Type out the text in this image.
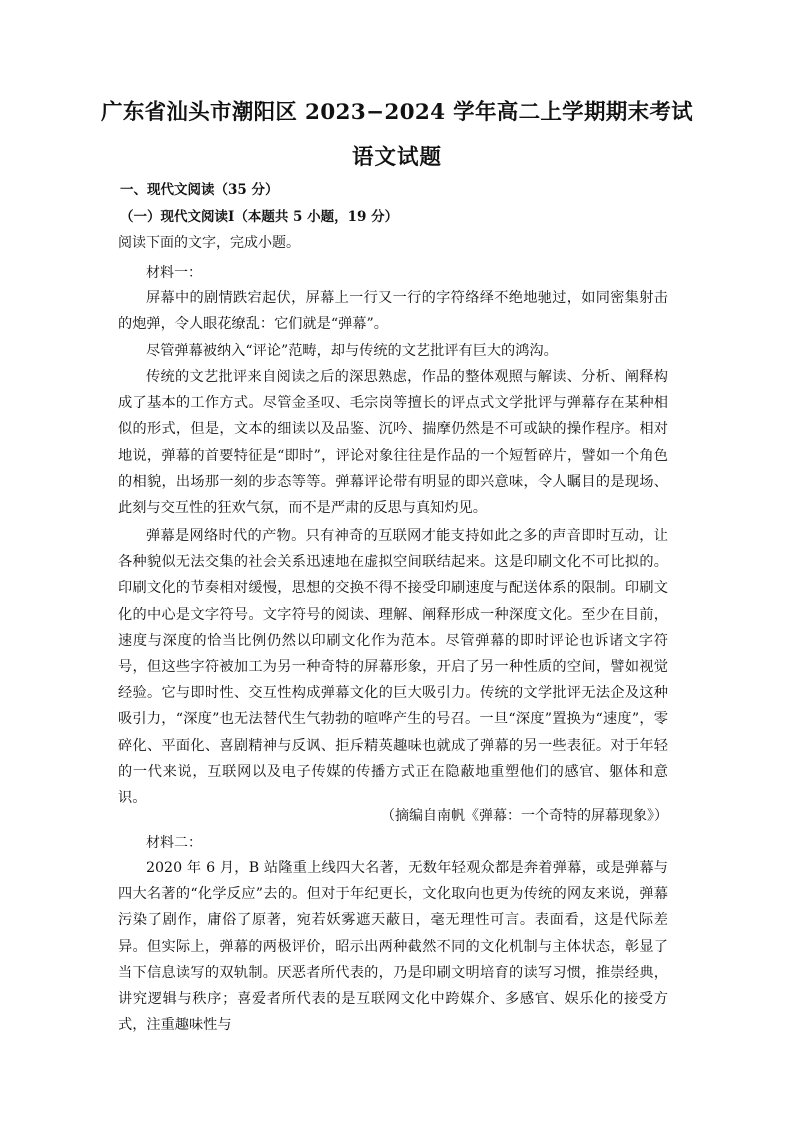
广东省汕头市潮阳区 2023−2024 学年高二上学期期末考试
语文试题
一、现代文阅读（35 分）
（一）现代文阅读Ⅰ（本题共 5 小题，19 分）
阅读下面的文字，完成小题。
材料一：

屏幕中的剧情跌宕起伏，屏幕上一行又一行的字符络绎不绝地驰过，如同密集射击的炮弹，令人眼花缭乱：它们就是“弹幕”。

尽管弹幕被纳入“评论”范畴，却与传统的文艺批评有巨大的鸿沟。

传统的文艺批评来自阅读之后的深思熟虑，作品的整体观照与解读、分析、阐释构成了基本的工作方式。尽管金圣叹、毛宗岗等擅长的评点式文学批评与弹幕存在某种相似的形式，但是，文本的细读以及品鉴、沉吟、揣摩仍然是不可或缺的操作程序。相对地说，弹幕的首要特征是“即时”，评论对象往往是作品的一个短暂碎片，譬如一个角色的相貌，出场那一刻的步态等等。弹幕评论带有明显的即兴意味，令人瞩目的是现场、此刻与交互性的狂欢气氛，而不是严肃的反思与真知灼见。

弹幕是网络时代的产物。只有神奇的互联网才能支持如此之多的声音即时互动，让各种貌似无法交集的社会关系迅速地在虚拟空间联结起来。这是印刷文化不可比拟的。印刷文化的节奏相对缓慢，思想的交换不得不接受印刷速度与配送体系的限制。印刷文化的中心是文字符号。文字符号的阅读、理解、阐释形成一种深度文化。至少在目前，速度与深度的恰当比例仍然以印刷文化作为范本。尽管弹幕的即时评论也诉诸文字符号，但这些字符被加工为另一种奇特的屏幕形象，开启了另一种性质的空间，譬如视觉经验。它与即时性、交互性构成弹幕文化的巨大吸引力。传统的文学批评无法企及这种吸引力，“深度”也无法替代生气勃勃的喧哗产生的号召。一旦“深度”置换为“速度”，零碎化、平面化、喜剧精神与反讽、拒斥精英趣味也就成了弹幕的另一些表征。对于年轻的一代来说，互联网以及电子传媒的传播方式正在隐蔽地重塑他们的感官、躯体和意识。

（摘编自南帆《弹幕：一个奇特的屏幕现象》）
材料二：

2020 年 6 月，B 站隆重上线四大名著，无数年轻观众都是奔着弹幕，或是弹幕与四大名著的“化学反应”去的。但对于年纪更长，文化取向也更为传统的网友来说，弹幕污染了剧作，庸俗了原著，宛若妖雾遮天蔽日，毫无理性可言。表面看，这是代际差异。但实际上，弹幕的两极评价，昭示出两种截然不同的文化机制与主体状态，彰显了当下信息读写的双轨制。厌恶者所代表的，乃是印刷文明培育的读写习惯，推崇经典，讲究逻辑与秩序；喜爱者所代表的是互联网文化中跨媒介、多感官、娱乐化的接受方式，注重趣味性与
